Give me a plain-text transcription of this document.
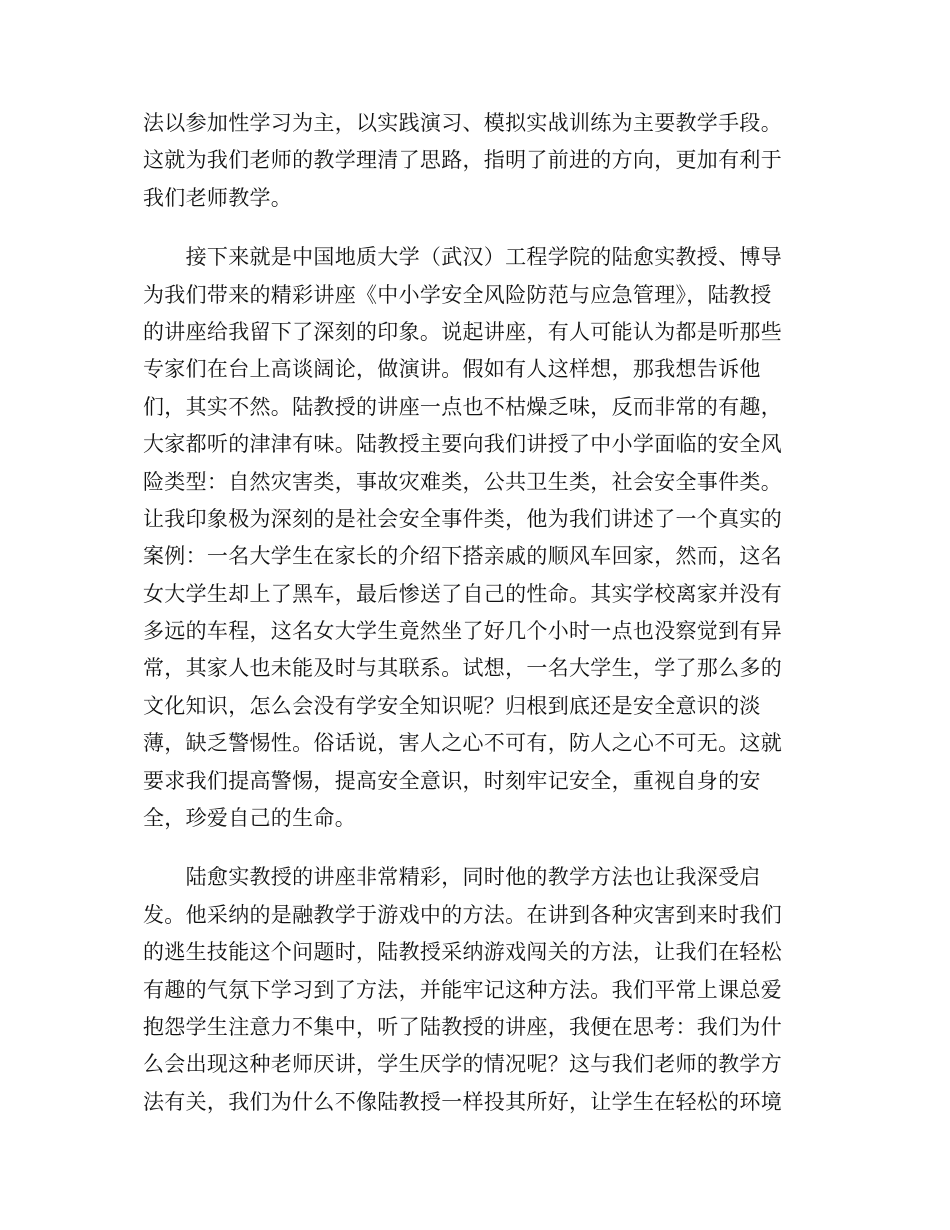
法以参加性学习为主，以实践演习、模拟实战训练为主要教学手段。
这就为我们老师的教学理清了思路，指明了前进的方向，更加有利于
我们老师教学。
　　接下来就是中国地质大学（武汉）工程学院的陆愈实教授、博导
为我们带来的精彩讲座《中小学安全风险防范与应急管理》，陆教授
的讲座给我留下了深刻的印象。说起讲座，有人可能认为都是听那些
专家们在台上高谈阔论，做演讲。假如有人这样想，那我想告诉他
们，其实不然。陆教授的讲座一点也不枯燥乏味，反而非常的有趣，
大家都听的津津有味。陆教授主要向我们讲授了中小学面临的安全风
险类型：自然灾害类，事故灾难类，公共卫生类，社会安全事件类。
让我印象极为深刻的是社会安全事件类，他为我们讲述了一个真实的
案例：一名大学生在家长的介绍下搭亲戚的顺风车回家，然而，这名
女大学生却上了黑车，最后惨送了自己的性命。其实学校离家并没有
多远的车程，这名女大学生竟然坐了好几个小时一点也没察觉到有异
常，其家人也未能及时与其联系。试想，一名大学生，学了那么多的
文化知识，怎么会没有学安全知识呢？归根到底还是安全意识的淡
薄，缺乏警惕性。俗话说，害人之心不可有，防人之心不可无。这就
要求我们提高警惕，提高安全意识，时刻牢记安全，重视自身的安
全，珍爱自己的生命。
　　陆愈实教授的讲座非常精彩，同时他的教学方法也让我深受启
发。他采纳的是融教学于游戏中的方法。在讲到各种灾害到来时我们
的逃生技能这个问题时，陆教授采纳游戏闯关的方法，让我们在轻松
有趣的气氛下学习到了方法，并能牢记这种方法。我们平常上课总爱
抱怨学生注意力不集中，听了陆教授的讲座，我便在思考：我们为什
么会出现这种老师厌讲，学生厌学的情况呢？这与我们老师的教学方
法有关，我们为什么不像陆教授一样投其所好，让学生在轻松的环境
